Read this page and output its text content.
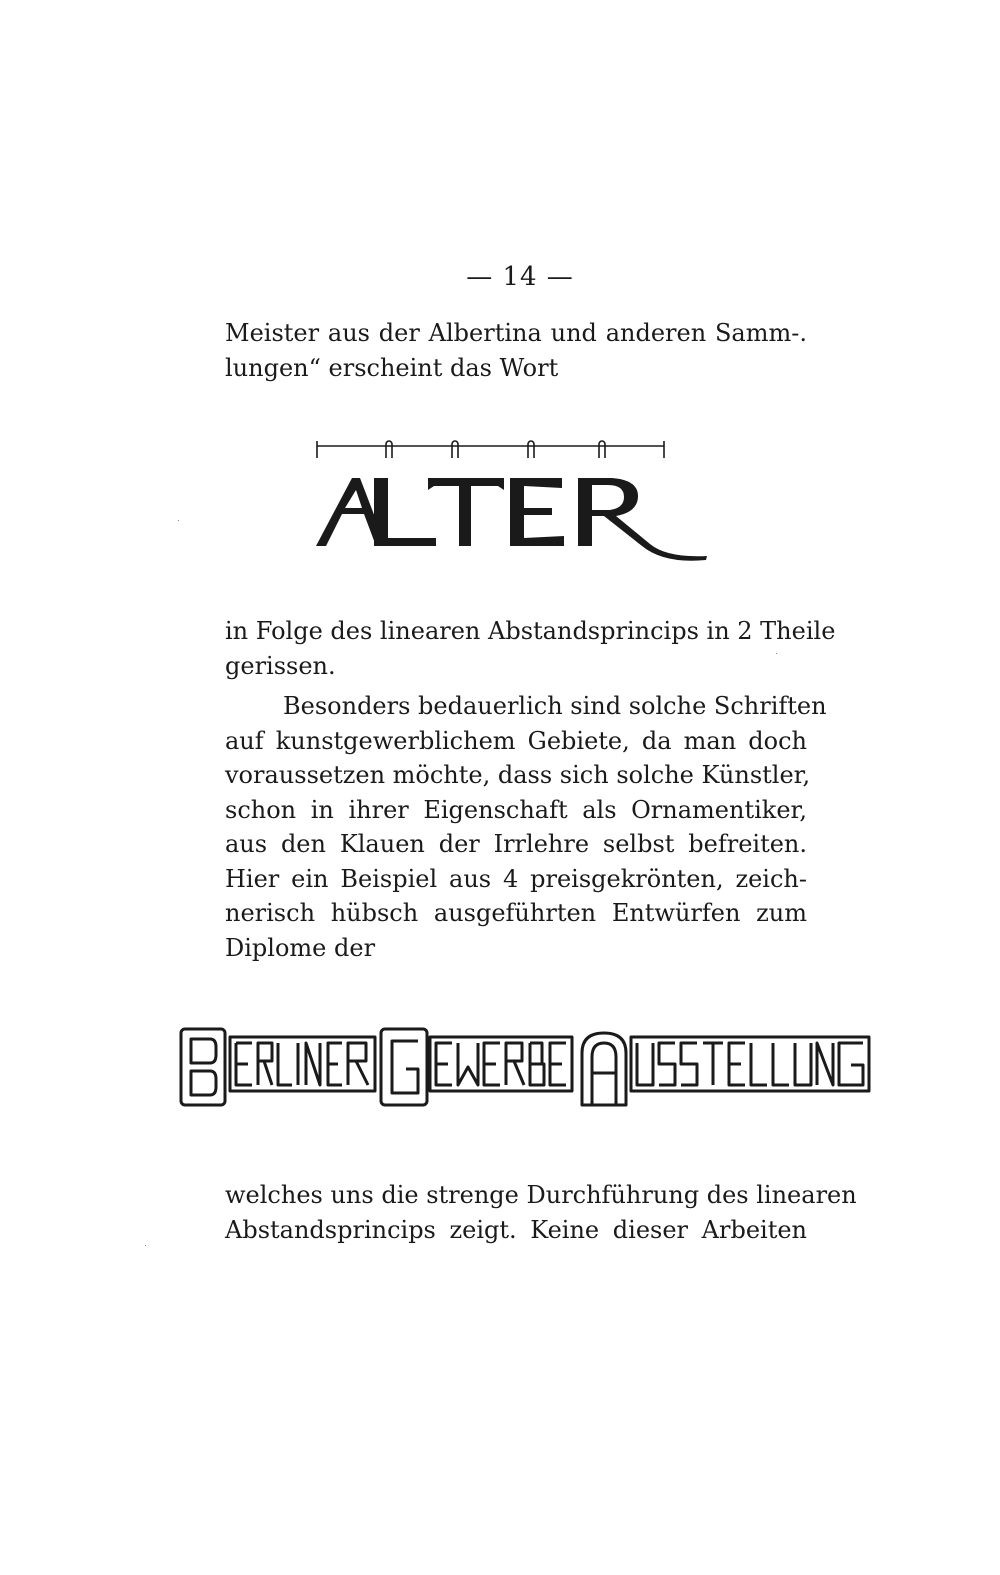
— 14 —
Meister aus der Albertina und anderen Samm-.
lungen“ erscheint das Wort
in Folge des linearen Abstandsprincips in 2 Theile
gerissen.
Besonders bedauerlich sind solche Schriften
auf kunstgewerblichem Gebiete, da man doch
voraussetzen möchte, dass sich solche Künstler,
schon in ihrer Eigenschaft als Ornamentiker,
aus den Klauen der Irrlehre selbst befreiten.
Hier ein Beispiel aus 4 preisgekrönten, zeich-
nerisch hübsch ausgeführten Entwürfen zum
Diplome der
welches uns die strenge Durchführung des linearen
Abstandsprincips zeigt. Keine dieser Arbeiten
